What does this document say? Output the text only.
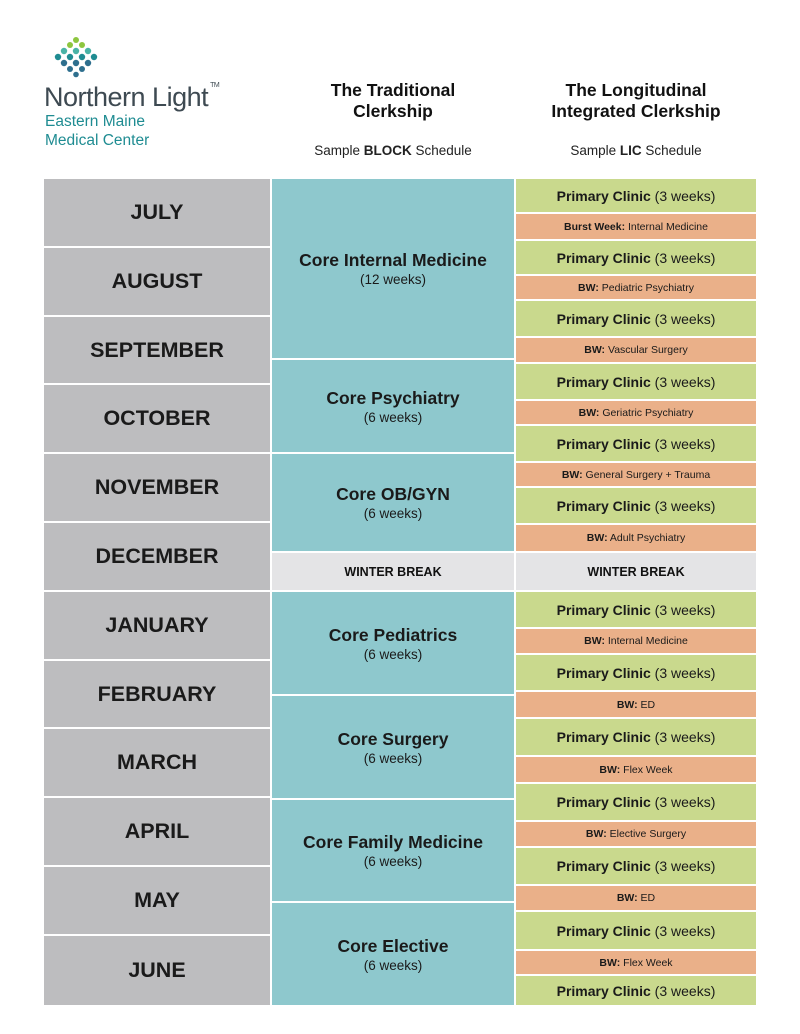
Northern Light ™
Eastern Maine
Medical Center
The Traditional
Clerkship
Sample BLOCK Schedule
The Longitudinal
Integrated Clerkship
Sample LIC Schedule
JULY
AUGUST
SEPTEMBER
OCTOBER
NOVEMBER
DECEMBER
JANUARY
FEBRUARY
MARCH
APRIL
MAY
JUNE
Core Internal Medicine
(12 weeks)
Core Psychiatry
(6 weeks)
Core OB/GYN
(6 weeks)
WINTER BREAK
Core Pediatrics
(6 weeks)
Core Surgery
(6 weeks)
Core Family Medicine
(6 weeks)
Core Elective
(6 weeks)
Primary Clinic (3 weeks)
Burst Week: Internal Medicine
Primary Clinic (3 weeks)
BW: Pediatric Psychiatry
Primary Clinic (3 weeks)
BW: Vascular Surgery
Primary Clinic (3 weeks)
BW: Geriatric Psychiatry
Primary Clinic (3 weeks)
BW: General Surgery + Trauma
Primary Clinic (3 weeks)
BW: Adult Psychiatry
WINTER BREAK
Primary Clinic (3 weeks)
BW: Internal Medicine
Primary Clinic (3 weeks)
BW: ED
Primary Clinic (3 weeks)
BW: Flex Week
Primary Clinic (3 weeks)
BW: Elective Surgery
Primary Clinic (3 weeks)
BW: ED
Primary Clinic (3 weeks)
BW: Flex Week
Primary Clinic (3 weeks)
